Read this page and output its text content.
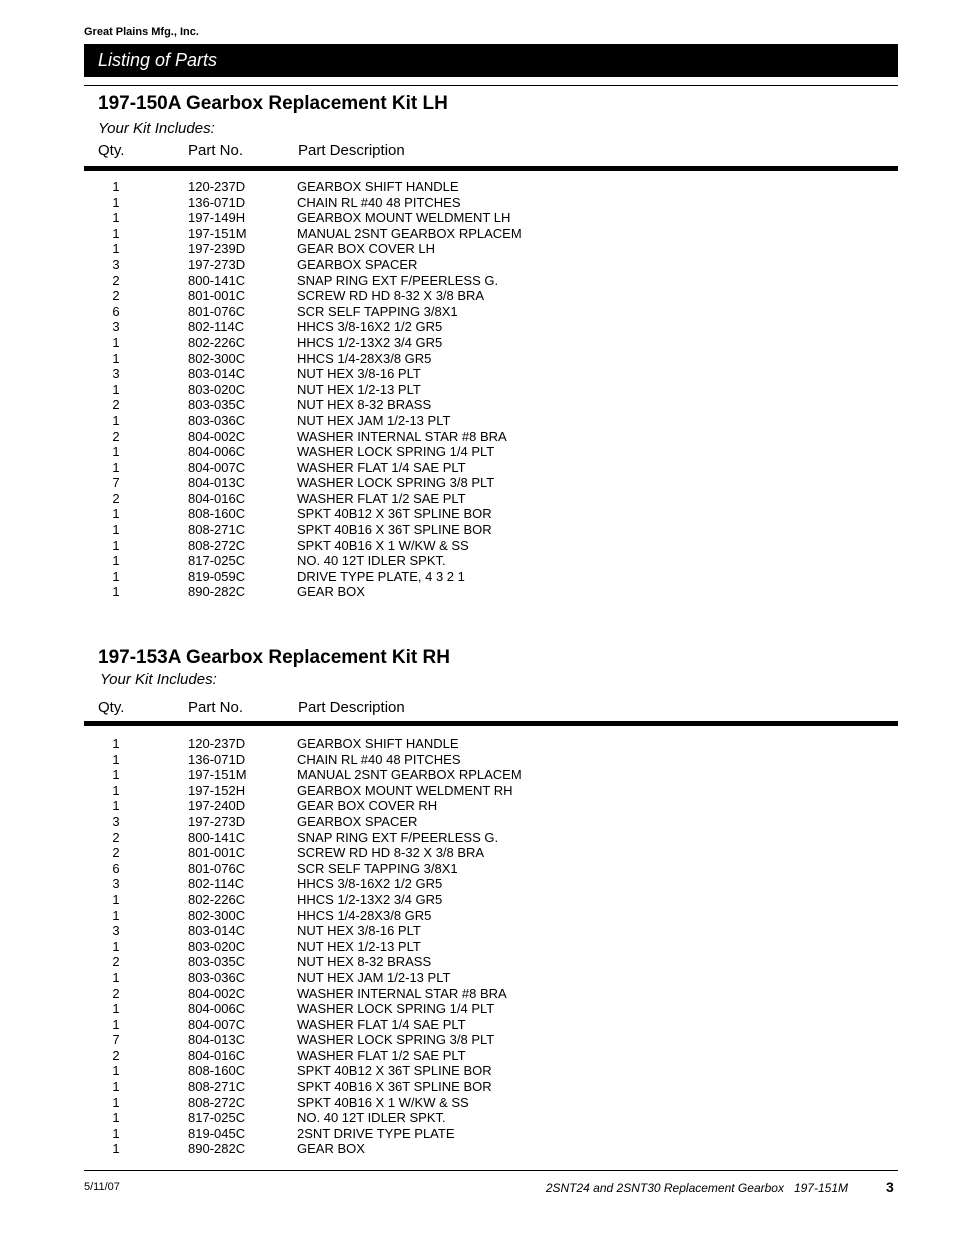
Great Plains Mfg., Inc.
Listing of Parts
197-150A Gearbox Replacement Kit LH
Your Kit Includes:
Qty.	Part No.	Part Description
1	120-237D	GEARBOX SHIFT HANDLE
1	136-071D	CHAIN RL #40 48 PITCHES
1	197-149H	GEARBOX MOUNT WELDMENT LH
1	197-151M	MANUAL 2SNT GEARBOX RPLACEM
1	197-239D	GEAR BOX COVER LH
3	197-273D	GEARBOX SPACER
2	800-141C	SNAP RING EXT F/PEERLESS G.
2	801-001C	SCREW RD HD 8-32 X 3/8 BRA
6	801-076C	SCR SELF TAPPING 3/8X1
3	802-114C	HHCS 3/8-16X2 1/2 GR5
1	802-226C	HHCS 1/2-13X2 3/4 GR5
1	802-300C	HHCS 1/4-28X3/8 GR5
3	803-014C	NUT HEX 3/8-16 PLT
1	803-020C	NUT HEX 1/2-13 PLT
2	803-035C	NUT HEX 8-32 BRASS
1	803-036C	NUT HEX JAM 1/2-13 PLT
2	804-002C	WASHER INTERNAL STAR #8 BRA
1	804-006C	WASHER LOCK SPRING 1/4 PLT
1	804-007C	WASHER FLAT 1/4 SAE PLT
7	804-013C	WASHER LOCK SPRING 3/8 PLT
2	804-016C	WASHER FLAT 1/2 SAE PLT
1	808-160C	SPKT 40B12 X 36T SPLINE BOR
1	808-271C	SPKT 40B16 X 36T SPLINE BOR
1	808-272C	SPKT 40B16 X 1 W/KW & SS
1	817-025C	NO. 40 12T IDLER SPKT.
1	819-059C	DRIVE TYPE PLATE, 4 3 2 1
1	890-282C	GEAR BOX
197-153A Gearbox Replacement Kit RH
Your Kit Includes:
Qty.	Part No.	Part Description
1	120-237D	GEARBOX SHIFT HANDLE
1	136-071D	CHAIN RL #40 48 PITCHES
1	197-151M	MANUAL 2SNT GEARBOX RPLACEM
1	197-152H	GEARBOX MOUNT WELDMENT RH
1	197-240D	GEAR BOX COVER RH
3	197-273D	GEARBOX SPACER
2	800-141C	SNAP RING EXT F/PEERLESS G.
2	801-001C	SCREW RD HD 8-32 X 3/8 BRA
6	801-076C	SCR SELF TAPPING 3/8X1
3	802-114C	HHCS 3/8-16X2 1/2 GR5
1	802-226C	HHCS 1/2-13X2 3/4 GR5
1	802-300C	HHCS 1/4-28X3/8 GR5
3	803-014C	NUT HEX 3/8-16 PLT
1	803-020C	NUT HEX 1/2-13 PLT
2	803-035C	NUT HEX 8-32 BRASS
1	803-036C	NUT HEX JAM 1/2-13 PLT
2	804-002C	WASHER INTERNAL STAR #8 BRA
1	804-006C	WASHER LOCK SPRING 1/4 PLT
1	804-007C	WASHER FLAT 1/4 SAE PLT
7	804-013C	WASHER LOCK SPRING 3/8 PLT
2	804-016C	WASHER FLAT 1/2 SAE PLT
1	808-160C	SPKT 40B12 X 36T SPLINE BOR
1	808-271C	SPKT 40B16 X 36T SPLINE BOR
1	808-272C	SPKT 40B16 X 1 W/KW & SS
1	817-025C	NO. 40 12T IDLER SPKT.
1	819-045C	2SNT DRIVE TYPE PLATE
1	890-282C	GEAR BOX
5/11/07	2SNT24 and 2SNT30 Replacement Gearbox   197-151M	3
